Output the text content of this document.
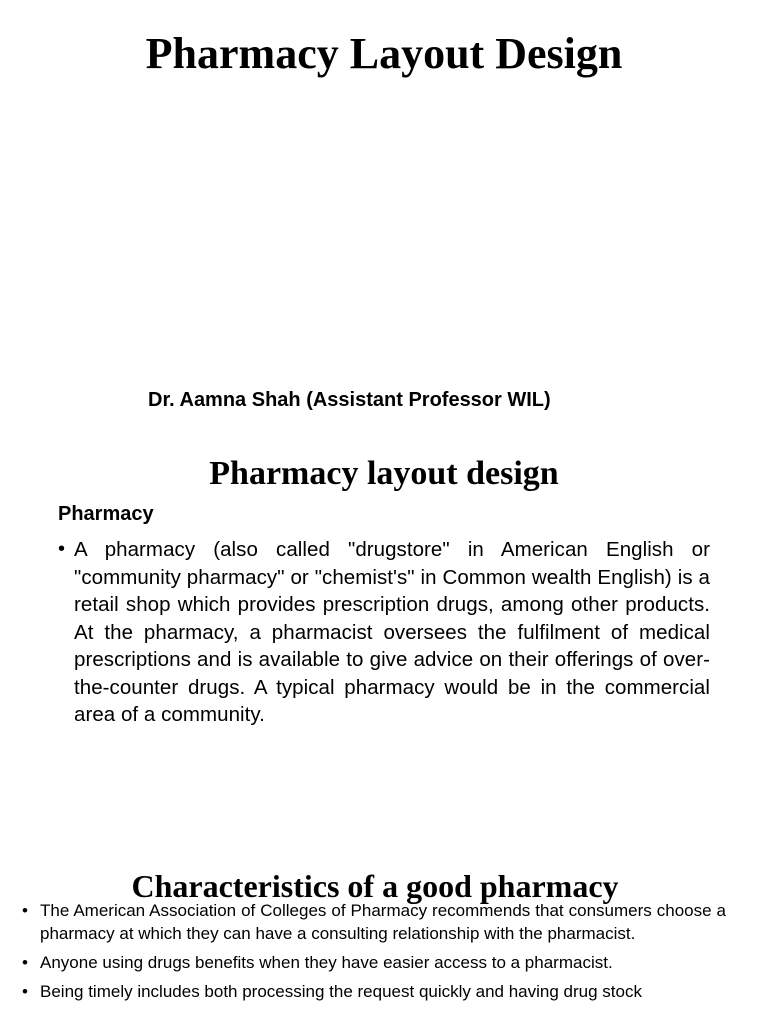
Pharmacy Layout Design

Dr. Aamna Shah (Assistant Professor WIL)

Pharmacy layout design

Pharmacy

• A pharmacy (also called "drugstore" in American English or "community pharmacy" or "chemist's" in Common wealth English) is a retail shop which provides prescription drugs, among other products. At the pharmacy, a pharmacist oversees the fulfilment of medical prescriptions and is available to give advice on their offerings of over-the-counter drugs. A typical pharmacy would be in the commercial area of a community.

Characteristics of a good pharmacy
• The American Association of Colleges of Pharmacy recommends that consumers choose a pharmacy at which they can have a consulting relationship with the pharmacist.
• Anyone using drugs benefits when they have easier access to a pharmacist.
• Being timely includes both processing the request quickly and having drug stock
